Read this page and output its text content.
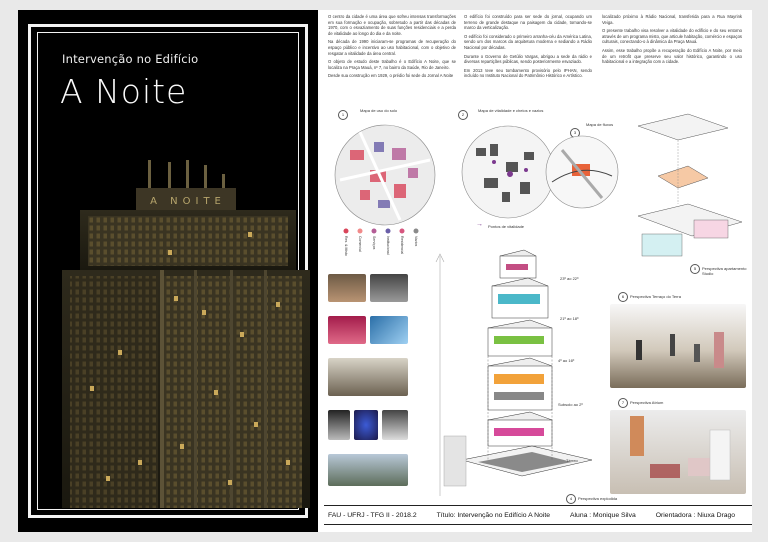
Intervenção no Edifício
A Noite
A NOITE

O centro da cidade é uma área que sofreu intensas transformações em sua formação e ocupação, sobretudo a partir das décadas de 1970, com o esvaziamento de suas funções residenciais e a perda de vitalidade ao longo do dia e da noite.

Na década de 1990 iniciaram-se programas de recuperação do espaço público e incentivo ao uso habitacional, com o objetivo de resgatar a vitalidade da área central.

O objeto de estudo deste trabalho é o Edifício A Noite, que se localiza na Praça Mauá, nº 7, no bairro da Saúde, Rio de Janeiro.

Desde sua construção em 1929, o prédio foi sede do Jornal A Noite

O edifício foi construído para ser sede do jornal, ocupando um terreno de grande destaque na paisagem da cidade, tornando-se marco da verticalização.

O edifício foi considerado o primeiro arranha-céu da América Latina, sendo um dos marcos da arquitetura moderna e sediando a Rádio Nacional por décadas.

Durante o Governo de Getúlio Vargas, abrigou a sede da rádio e diversas repartições públicas, sendo posteriormente esvaziado.

Em 2013 teve seu tombamento provisório pelo IPHAN, sendo incluído no Instituto Nacional do Patrimônio Histórico e Artístico.

localizado próximo à Rádio Nacional, transferida para a Rua Mayrink Veiga.

O presente trabalho visa resolver a vitalidade do edifício e do seu entorno através de um programa misto, que articule habitação, comércio e espaços culturais, conectando-o à dinâmica da Praça Mauá.

Assim, esse trabalho propõe a recuperação do Edifício A Noite, por meio de um retrofit que preserve seu valor histórico, garantindo o uso habitacional e a integração com a cidade.

1
Mapa de uso do solo
2
Mapa de vitalidade e cheios e vazios
Pontos de vitalidade
→
3
Mapa de fluxos
Res. & Misto	Comercial	Serviços	Institucional	Residencial	Vazios
23º ao 22º
21º ao 18º
4º ao 16º
Subsolo ao 2º
Térreo
4	Perspectiva explodida
5	Perspectiva apartamento Studio
6	Perspectiva Terraço do Terra
7	Perspectiva Atrium
FAU - UFRJ - TFG II - 2018.2	Título: Intervenção no Edifício A Noite	Aluna : Monique Silva	Orientadora : Niuxa Drago
